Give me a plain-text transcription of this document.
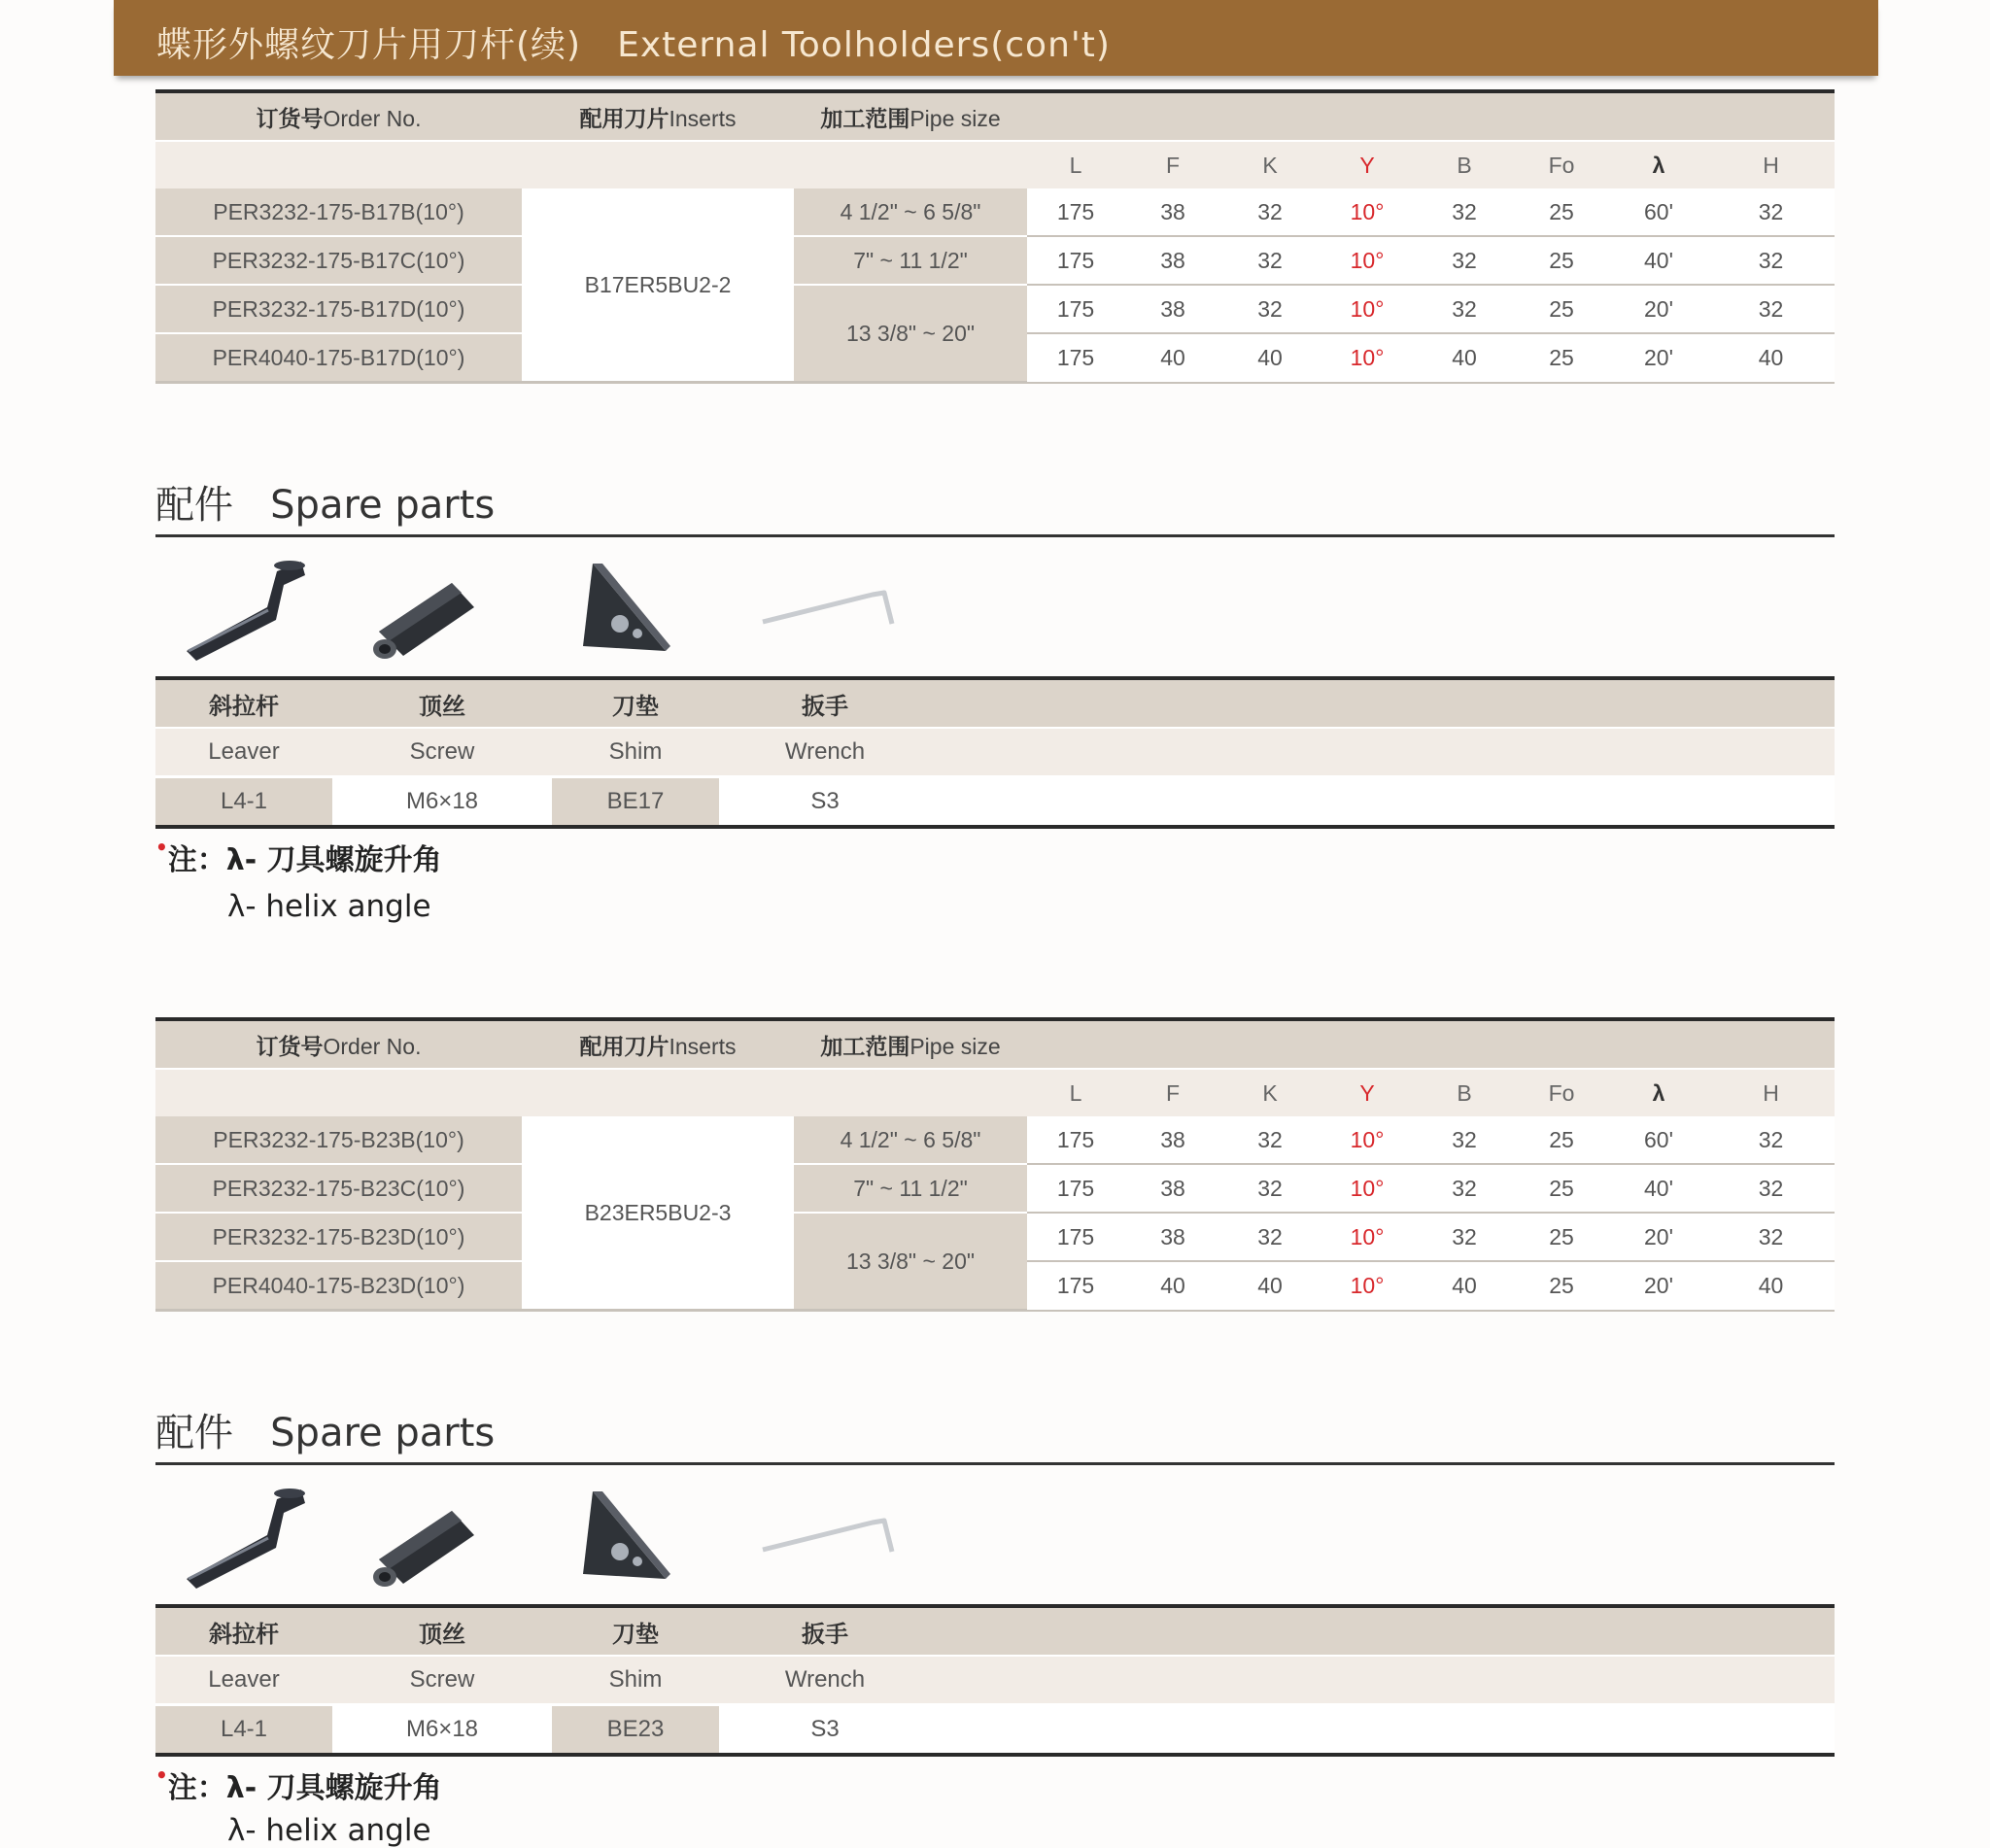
蝶形外螺纹刀片用刀杆(续)　External Toolholders(con't)
订货号Order No.	配用刀片Inserts	加工范围Pipe size								
			L	F	K	Y	B	Fo	λ	H
PER3232-175-B17B(10°)	B17ER5BU2-2	4 1/2" ~ 6 5/8"	175	38	32	10°	32	25	60'	32
PER3232-175-B17C(10°)		7" ~ 11 1/2"	175	38	32	10°	32	25	40'	32
PER3232-175-B17D(10°)		13 3/8" ~ 20"	175	38	32	10°	32	25	20'	32
PER4040-175-B17D(10°)			175	40	40	10°	40	25	20'	40
配件 Spare parts
斜拉杆	顶丝	刀垫	扳手	
Leaver	Screw	Shim	Wrench	
L4-1	M6×18	BE17	S3	
•注：λ- 刀具螺旋升角
λ- helix angle
订货号Order No.	配用刀片Inserts	加工范围Pipe size								
			L	F	K	Y	B	Fo	λ	H
PER3232-175-B23B(10°)	B23ER5BU2-3	4 1/2" ~ 6 5/8"	175	38	32	10°	32	25	60'	32
PER3232-175-B23C(10°)		7" ~ 11 1/2"	175	38	32	10°	32	25	40'	32
PER3232-175-B23D(10°)		13 3/8" ~ 20"	175	38	32	10°	32	25	20'	32
PER4040-175-B23D(10°)			175	40	40	10°	40	25	20'	40
配件 Spare parts
斜拉杆	顶丝	刀垫	扳手	
Leaver	Screw	Shim	Wrench	
L4-1	M6×18	BE23	S3	
•注：λ- 刀具螺旋升角
λ- helix angle
